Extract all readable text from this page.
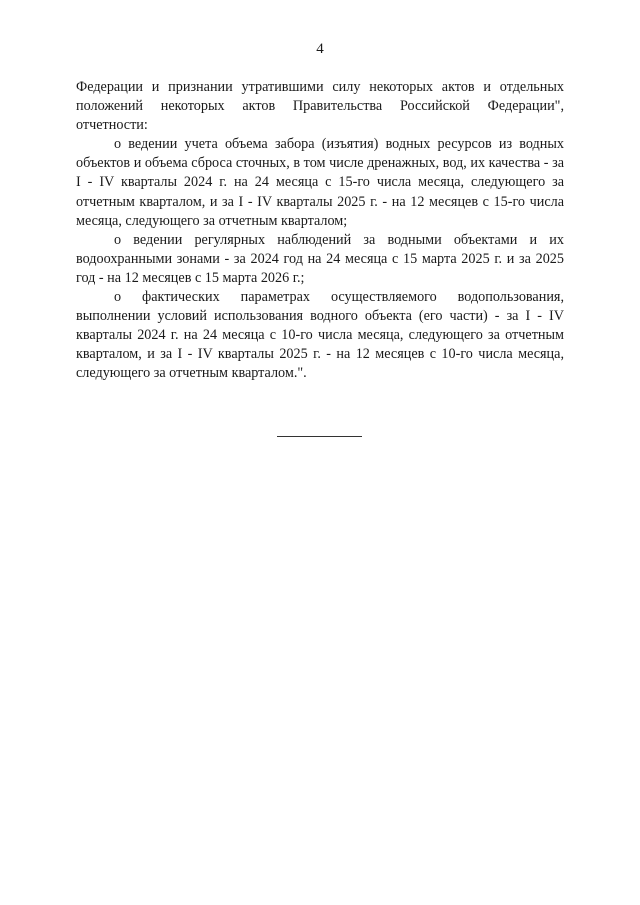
4

Федерации и признании утратившими силу некоторых актов и отдельных положений некоторых актов Правительства Российской Федерации", отчетности:

о ведении учета объема забора (изъятия) водных ресурсов из водных объектов и объема сброса сточных, в том числе дренажных, вод, их качества - за I - IV кварталы 2024 г. на 24 месяца с 15-го числа месяца, следующего за отчетным кварталом, и за I - IV кварталы 2025 г. - на 12 месяцев с 15-го числа месяца, следующего за отчетным кварталом;

о ведении регулярных наблюдений за водными объектами и их водоохранными зонами - за 2024 год на 24 месяца с 15 марта 2025 г. и за 2025 год - на 12 месяцев с 15 марта 2026 г.;

о фактических параметрах осуществляемого водопользования, выполнении условий использования водного объекта (его части) - за I - IV кварталы 2024 г. на 24 месяца с 10-го числа месяца, следующего за отчетным кварталом, и за I - IV кварталы 2025 г. - на 12 месяцев с 10-го числа месяца, следующего за отчетным кварталом.".
